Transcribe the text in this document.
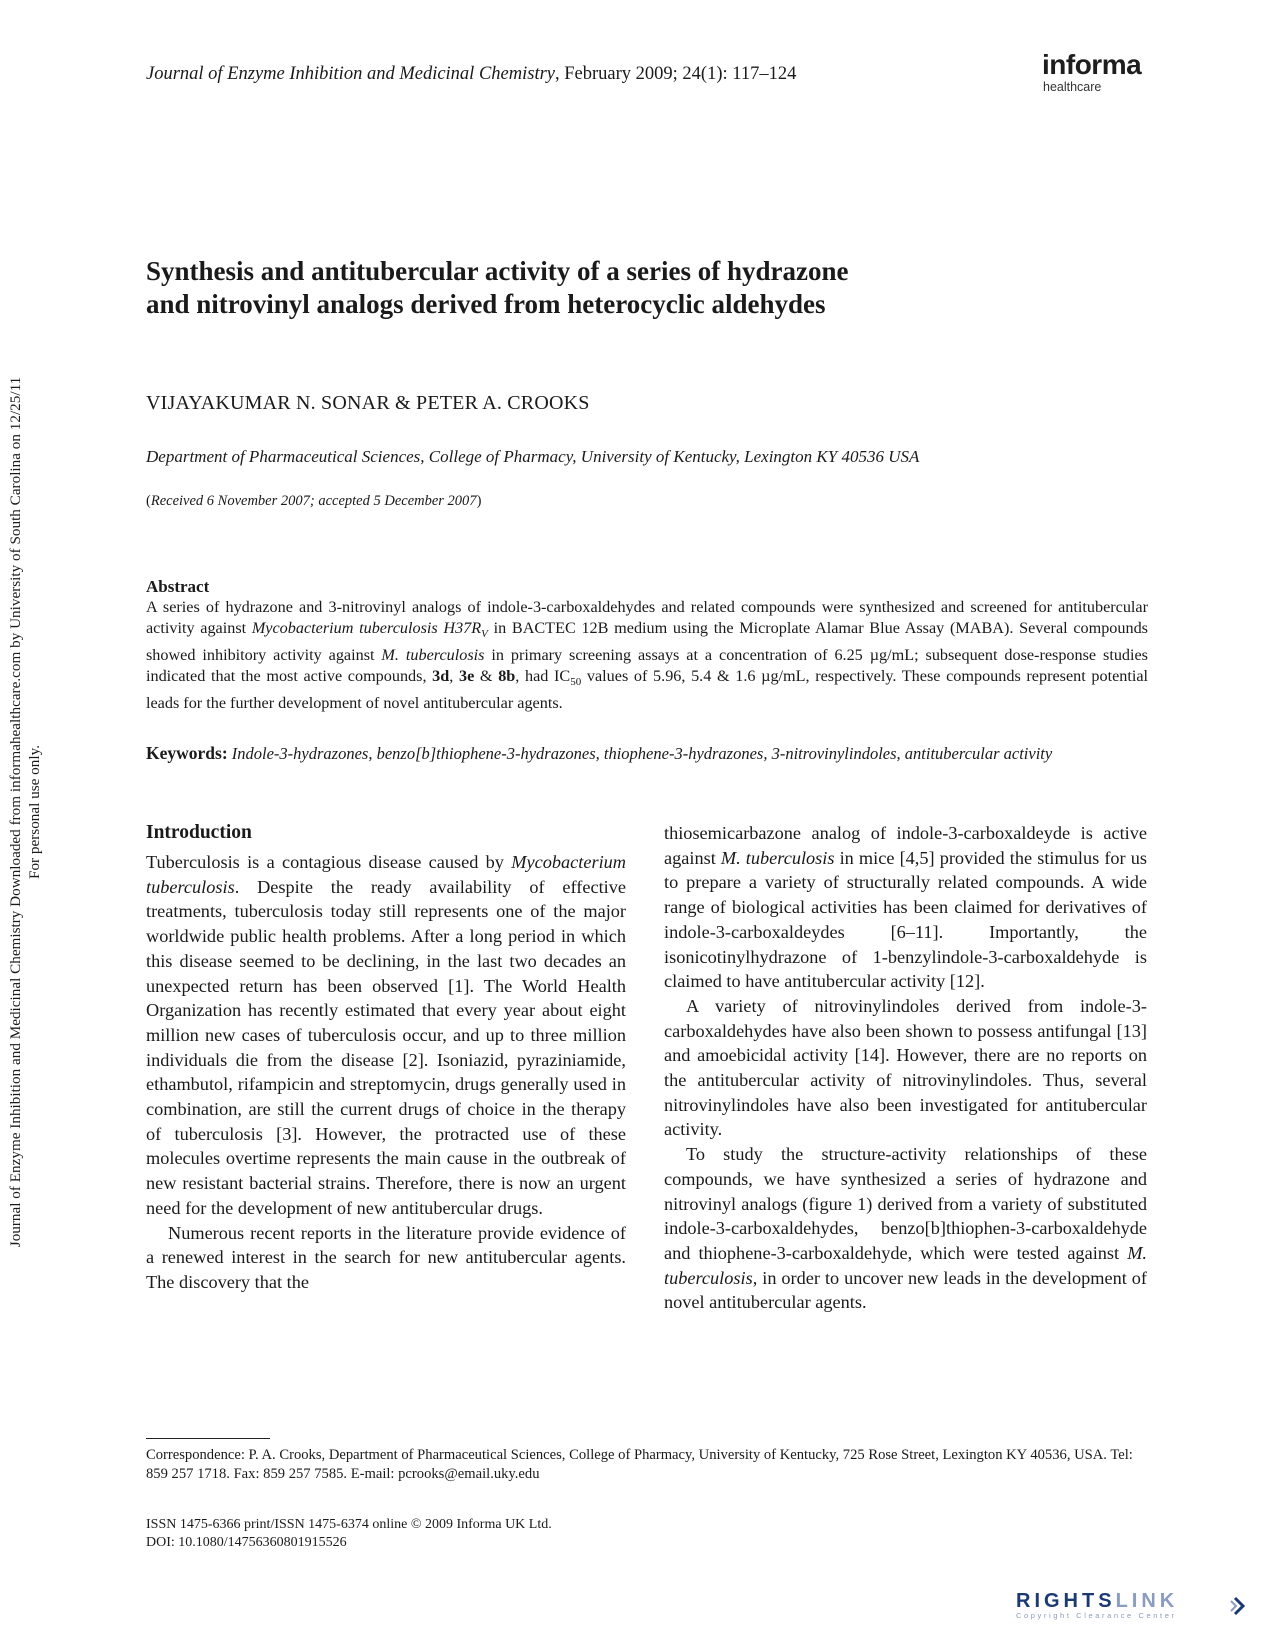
Journal of Enzyme Inhibition and Medicinal Chemistry, February 2009; 24(1): 117–124	informa
healthcare
Synthesis and antitubercular activity of a series of hydrazone
and nitrovinyl analogs derived from heterocyclic aldehydes
VIJAYAKUMAR N. SONAR & PETER A. CROOKS
Department of Pharmaceutical Sciences, College of Pharmacy, University of Kentucky, Lexington KY 40536 USA
(Received 6 November 2007; accepted 5 December 2007)
Abstract
A series of hydrazone and 3-nitrovinyl analogs of indole-3-carboxaldehydes and related compounds were synthesized and screened for antitubercular activity against Mycobacterium tuberculosis $H37R_V$ in BACTEC 12B medium using the Microplate Alamar Blue Assay (MABA). Several compounds showed inhibitory activity against M. tuberculosis in primary screening assays at a concentration of 6.25 µg/mL; subsequent dose-response studies indicated that the most active compounds, 3d, 3e & 8b, had $IC_{50}$ values of 5.96, 5.4 & 1.6 µg/mL, respectively. These compounds represent potential leads for the further development of novel antitubercular agents.
Keywords: Indole-3-hydrazones, benzo[b]thiophene-3-hydrazones, thiophene-3-hydrazones, 3-nitrovinylindoles, antitubercular activity

Introduction

Tuberculosis is a contagious disease caused by Mycobacterium tuberculosis. Despite the ready availability of effective treatments, tuberculosis today still represents one of the major worldwide public health problems. After a long period in which this disease seemed to be declining, in the last two decades an unexpected return has been observed [1]. The World Health Organization has recently estimated that every year about eight million new cases of tuberculosis occur, and up to three million individuals die from the disease [2]. Isoniazid, pyraziniamide, ethambutol, rifampicin and streptomycin, drugs generally used in combination, are still the current drugs of choice in the therapy of tuberculosis [3]. However, the protracted use of these molecules overtime represents the main cause in the outbreak of new resistant bacterial strains. Therefore, there is now an urgent need for the development of new antitubercular drugs.

Numerous recent reports in the literature provide evidence of a renewed interest in the search for new antitubercular agents. The discovery that the

thiosemicarbazone analog of indole-3-carboxaldeyde is active against M. tuberculosis in mice [4,5] provided the stimulus for us to prepare a variety of structurally related compounds. A wide range of biological activities has been claimed for derivatives of indole-3-carboxaldeydes [6–11]. Importantly, the isonicotinylhydrazone of 1-benzylindole-3-carboxaldehyde is claimed to have antitubercular activity [12].

A variety of nitrovinylindoles derived from indole-3-carboxaldehydes have also been shown to possess antifungal [13] and amoebicidal activity [14]. However, there are no reports on the antitubercular activity of nitrovinylindoles. Thus, several nitrovinylindoles have also been investigated for antitubercular activity.

To study the structure-activity relationships of these compounds, we have synthesized a series of hydrazone and nitrovinyl analogs (figure 1) derived from a variety of substituted indole-3-carboxaldehydes, benzo[b]thiophen-3-carboxaldehyde and thiophene-3-carboxaldehyde, which were tested against M. tuberculosis, in order to uncover new leads in the development of novel antitubercular agents.

Correspondence: P. A. Crooks, Department of Pharmaceutical Sciences, College of Pharmacy, University of Kentucky, 725 Rose Street, Lexington KY 40536, USA. Tel: 859 257 1718. Fax: 859 257 7585. E-mail: pcrooks@email.uky.edu
ISSN 1475-6366 print/ISSN 1475-6374 online © 2009 Informa UK Ltd.
DOI: 10.1080/14756360801915526
Journal of Enzyme Inhibition and Medicinal Chemistry Downloaded from informahealthcare.com by University of South Carolina on 12/25/11 For personal use only.
RIGHTSLINK
Copyright Clearance Center
